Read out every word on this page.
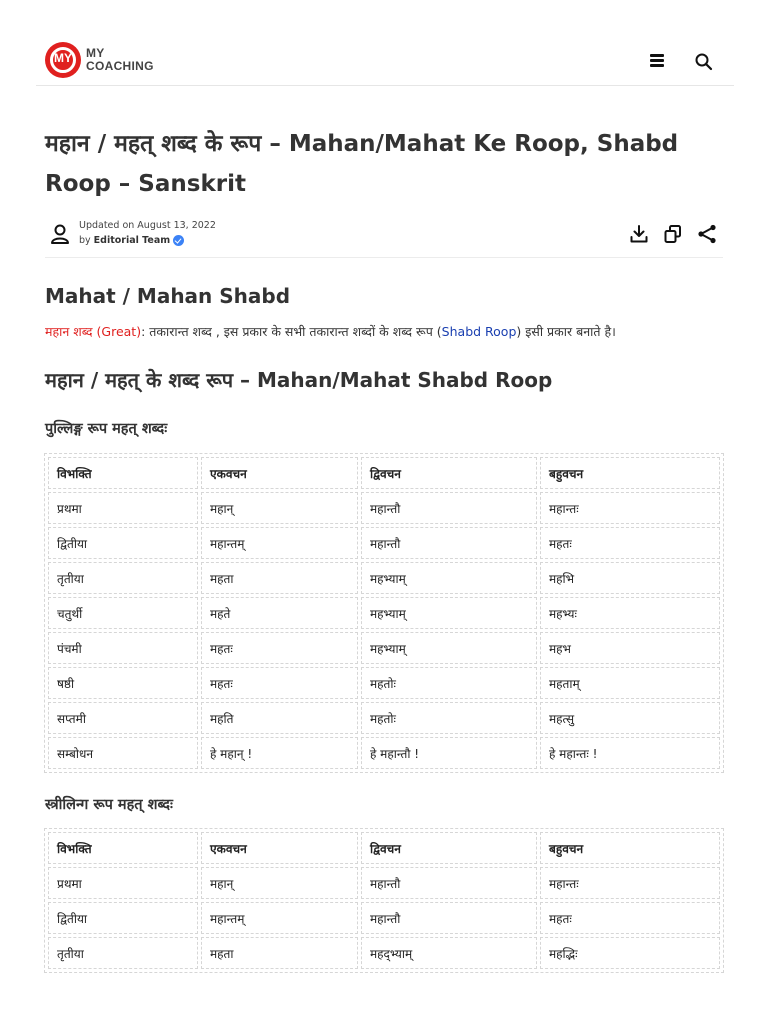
MY	MY
COACHING
महान / महत् शब्द के रूप – Mahan/Mahat Ke Roop, Shabd Roop – Sanskrit
Updated on August 13, 2022
by Editorial Team
Mahat / Mahan Shabd

महान शब्द (Great): तकारान्त शब्द , इस प्रकार के सभी तकारान्त शब्दों के शब्द रूप (Shabd Roop) इसी प्रकार बनाते है।

महान / महत् के शब्द रूप – Mahan/Mahat Shabd Roop
पुल्लिङ्ग रूप महत् शब्दः
विभक्ति	एकवचन	द्विवचन	बहुवचन
प्रथमा	महान्	महान्तौ	महान्तः
द्वितीया	महान्तम्	महान्तौ	महतः
तृतीया	महता	महभ्याम्	महभि
चतुर्थी	महते	महभ्याम्	महभ्यः
पंचमी	महतः	महभ्याम्	महभ
षष्ठी	महतः	महतोः	महताम्
सप्तमी	महति	महतोः	महत्सु
सम्बोधन	हे महान् !	हे महान्तौ !	हे महान्तः !
स्त्रीलिन्ग रूप महत् शब्दः
विभक्ति	एकवचन	द्विवचन	बहुवचन
प्रथमा	महान्	महान्तौ	महान्तः
द्वितीया	महान्तम्	महान्तौ	महतः
तृतीया	महता	महद्भ्याम्	महद्भिः
